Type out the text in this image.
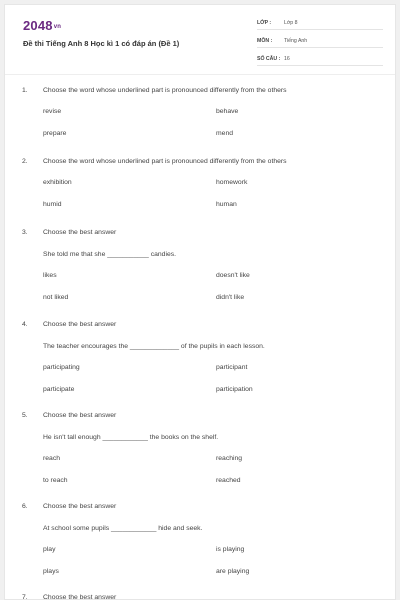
2048vn
Đề thi Tiếng Anh 8 Học kì 1 có đáp án (Đề 1)
LỚP :	Lớp 8
MÔN :	Tiếng Anh
SỐ CÂU : 16
1. Choose the word whose underlined part is pronounced differently from the others
revise	behave
prepare	mend
2. Choose the word whose underlined part is pronounced differently from the others
exhibition	homework
humid	human
3. Choose the best answer
She told me that she ___________ candies.
likes	doesn't like
not liked	didn't like
4. Choose the best answer
The teacher encourages the _____________ of the pupils in each lesson.
participating	participant
participate	participation
5. Choose the best answer
He isn't tall enough ____________ the books on the shelf.
reach	reaching
to reach	reached
6. Choose the best answer
At school some pupils ____________ hide and seek.
play	is playing
plays	are playing
7. Choose the best answer
